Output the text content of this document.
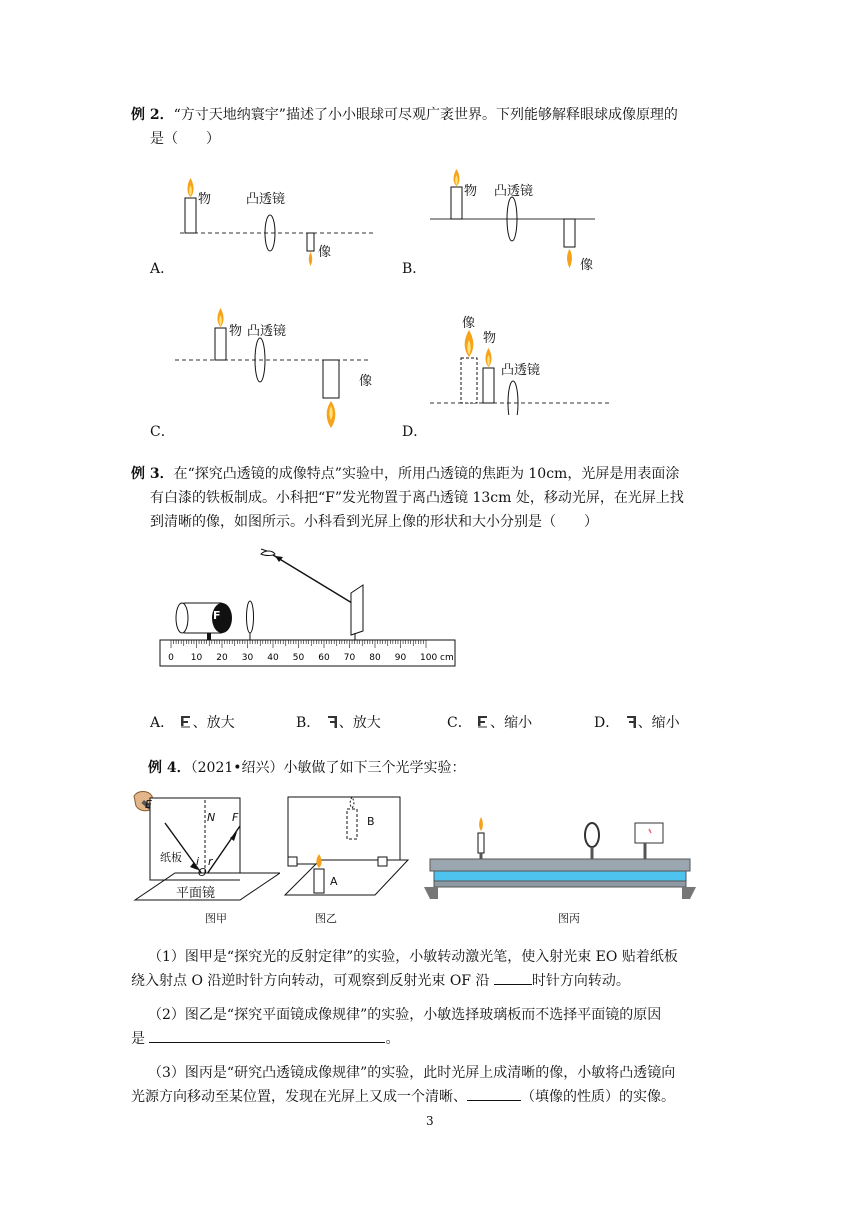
例 2．“方寸天地纳寰宇”描述了小小眼球可尽观广袤世界。下列能够解释眼球成像原理的
是（　　）
物	凸透镜
像
A．
物 凸透镜
像
B．
物 凸透镜
像
C．
像
物
凸透镜
D．
例 3．在“探究凸透镜的成像特点”实验中，所用凸透镜的焦距为 10cm，光屏是用表面涂
有白漆的铁板制成。小科把“F”发光物置于离凸透镜 13cm 处，移动光屏，在光屏上找
到清晰的像，如图所示。小科看到光屏上像的形状和大小分别是（　　）
0 10 20 30 40 50 60 70 80 90 100 cm
F
A． 、放大	B． 、放大	C． 、缩小	D． 、缩小
例 4．（2021•绍兴）小敏做了如下三个光学实验：
E
N F
i r
O
纸板
平面镜
图甲
B
A
图乙	图丙
（1）图甲是“探究光的反射定律”的实验，小敏转动激光笔，使入射光束 EO 贴着纸板
绕入射点 O 沿逆时针方向转动，可观察到反射光束 OF 沿	时针方向转动。
（2）图乙是“探究平面镜成像规律”的实验，小敏选择玻璃板而不选择平面镜的原因
是	。
（3）图丙是“研究凸透镜成像规律”的实验，此时光屏上成清晰的像，小敏将凸透镜向
光源方向移动至某位置，发现在光屏上又成一个清晰、	（填像的性质）的实像。
3
